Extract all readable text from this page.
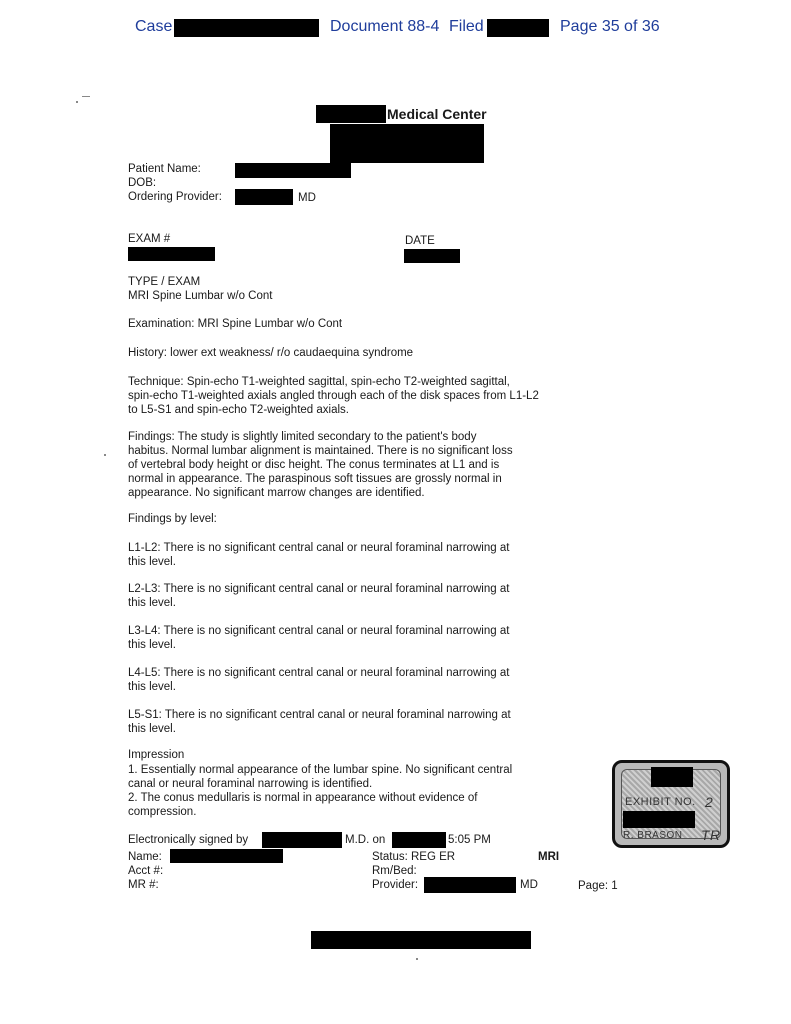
Case	Document 88-4 Filed	Page 35 of 36
Medical Center
Patient Name:
DOB:
Ordering Provider:	MD
EXAM #	DATE
TYPE / EXAM
MRI Spine Lumbar w/o Cont
Examination: MRI Spine Lumbar w/o Cont
History: lower ext weakness/ r/o caudaequina syndrome

Technique: Spin-echo T1-weighted sagittal, spin-echo T2-weighted sagittal,

spin-echo T1-weighted axials angled through each of the disk spaces from L1-L2

to L5-S1 and spin-echo T2-weighted axials.

Findings: The study is slightly limited secondary to the patient's body

habitus. Normal lumbar alignment is maintained. There is no significant loss

of vertebral body height or disc height. The conus terminates at L1 and is

normal in appearance. The paraspinous soft tissues are grossly normal in

appearance. No significant marrow changes are identified.

Findings by level:

L1-L2: There is no significant central canal or neural foraminal narrowing at

this level.

L2-L3: There is no significant central canal or neural foraminal narrowing at

this level.

L3-L4: There is no significant central canal or neural foraminal narrowing at

this level.

L4-L5: There is no significant central canal or neural foraminal narrowing at

this level.

L5-S1: There is no significant central canal or neural foraminal narrowing at

this level.

Impression

1. Essentially normal appearance of the lumbar spine. No significant central

canal or neural foraminal narrowing is identified.

2. The conus medullaris is normal in appearance without evidence of

compression.

Electronically signed by	M.D. on	5:05 PM
Name:	Status: REG ER	MRI
Acct #:	Rm/Bed:
MR #:	Provider:	MD	Page: 1
EXHIBIT NO. 2
R. BRASON TR
